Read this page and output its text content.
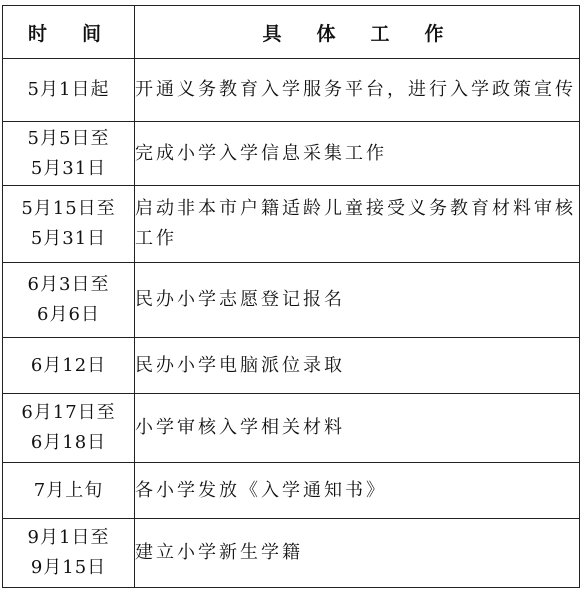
时　间	具　体　工　作

5月1日起	开通义务教育入学服务平台，进行入学政策宣传

5月5日至
5月31日	完成小学入学信息采集工作

5月15日至
5月31日	启动非本市户籍适龄儿童接受义务教育材料审核工作

6月3日至
6月6日	民办小学志愿登记报名

6月12日	民办小学电脑派位录取

6月17日至
6月18日	小学审核入学相关材料

7月上旬	各小学发放《入学通知书》

9月1日至
9月15日	建立小学新生学籍
